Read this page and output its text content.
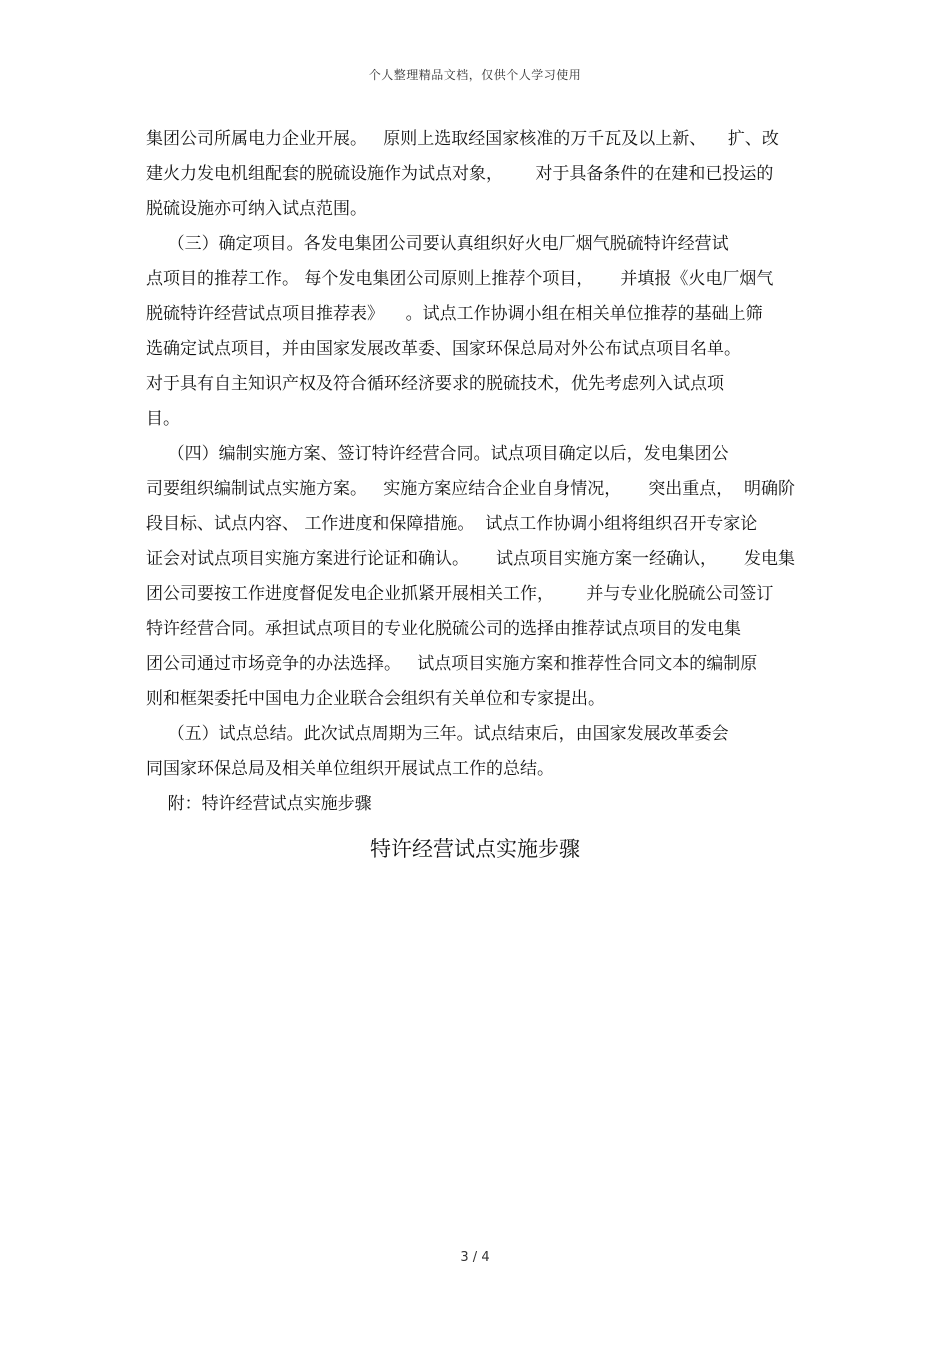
个人整理精品文档，仅供个人学习使用
集团公司所属电力企业开展。   原则上选取经国家核准的万千瓦及以上新、    扩、改
建火力发电机组配套的脱硫设施作为试点对象，      对于具备条件的在建和已投运的
脱硫设施亦可纳入试点范围。
（三）确定项目。各发电集团公司要认真组织好火电厂烟气脱硫特许经营试
点项目的推荐工作。 每个发电集团公司原则上推荐个项目，     并填报《火电厂烟气
脱硫特许经营试点项目推荐表》    。试点工作协调小组在相关单位推荐的基础上筛
选确定试点项目，并由国家发展改革委、国家环保总局对外公布试点项目名单。
对于具有自主知识产权及符合循环经济要求的脱硫技术，优先考虑列入试点项
目。
（四）编制实施方案、签订特许经营合同。试点项目确定以后，发电集团公
司要组织编制试点实施方案。   实施方案应结合企业自身情况，     突出重点，  明确阶
段目标、试点内容、 工作进度和保障措施。  试点工作协调小组将组织召开专家论
证会对试点项目实施方案进行论证和确认。     试点项目实施方案一经确认，     发电集
团公司要按工作进度督促发电企业抓紧开展相关工作，      并与专业化脱硫公司签订
特许经营合同。承担试点项目的专业化脱硫公司的选择由推荐试点项目的发电集
团公司通过市场竞争的办法选择。   试点项目实施方案和推荐性合同文本的编制原
则和框架委托中国电力企业联合会组织有关单位和专家提出。
（五）试点总结。此次试点周期为三年。试点结束后，由国家发展改革委会
同国家环保总局及相关单位组织开展试点工作的总结。
附：特许经营试点实施步骤
特许经营试点实施步骤
3 / 4
